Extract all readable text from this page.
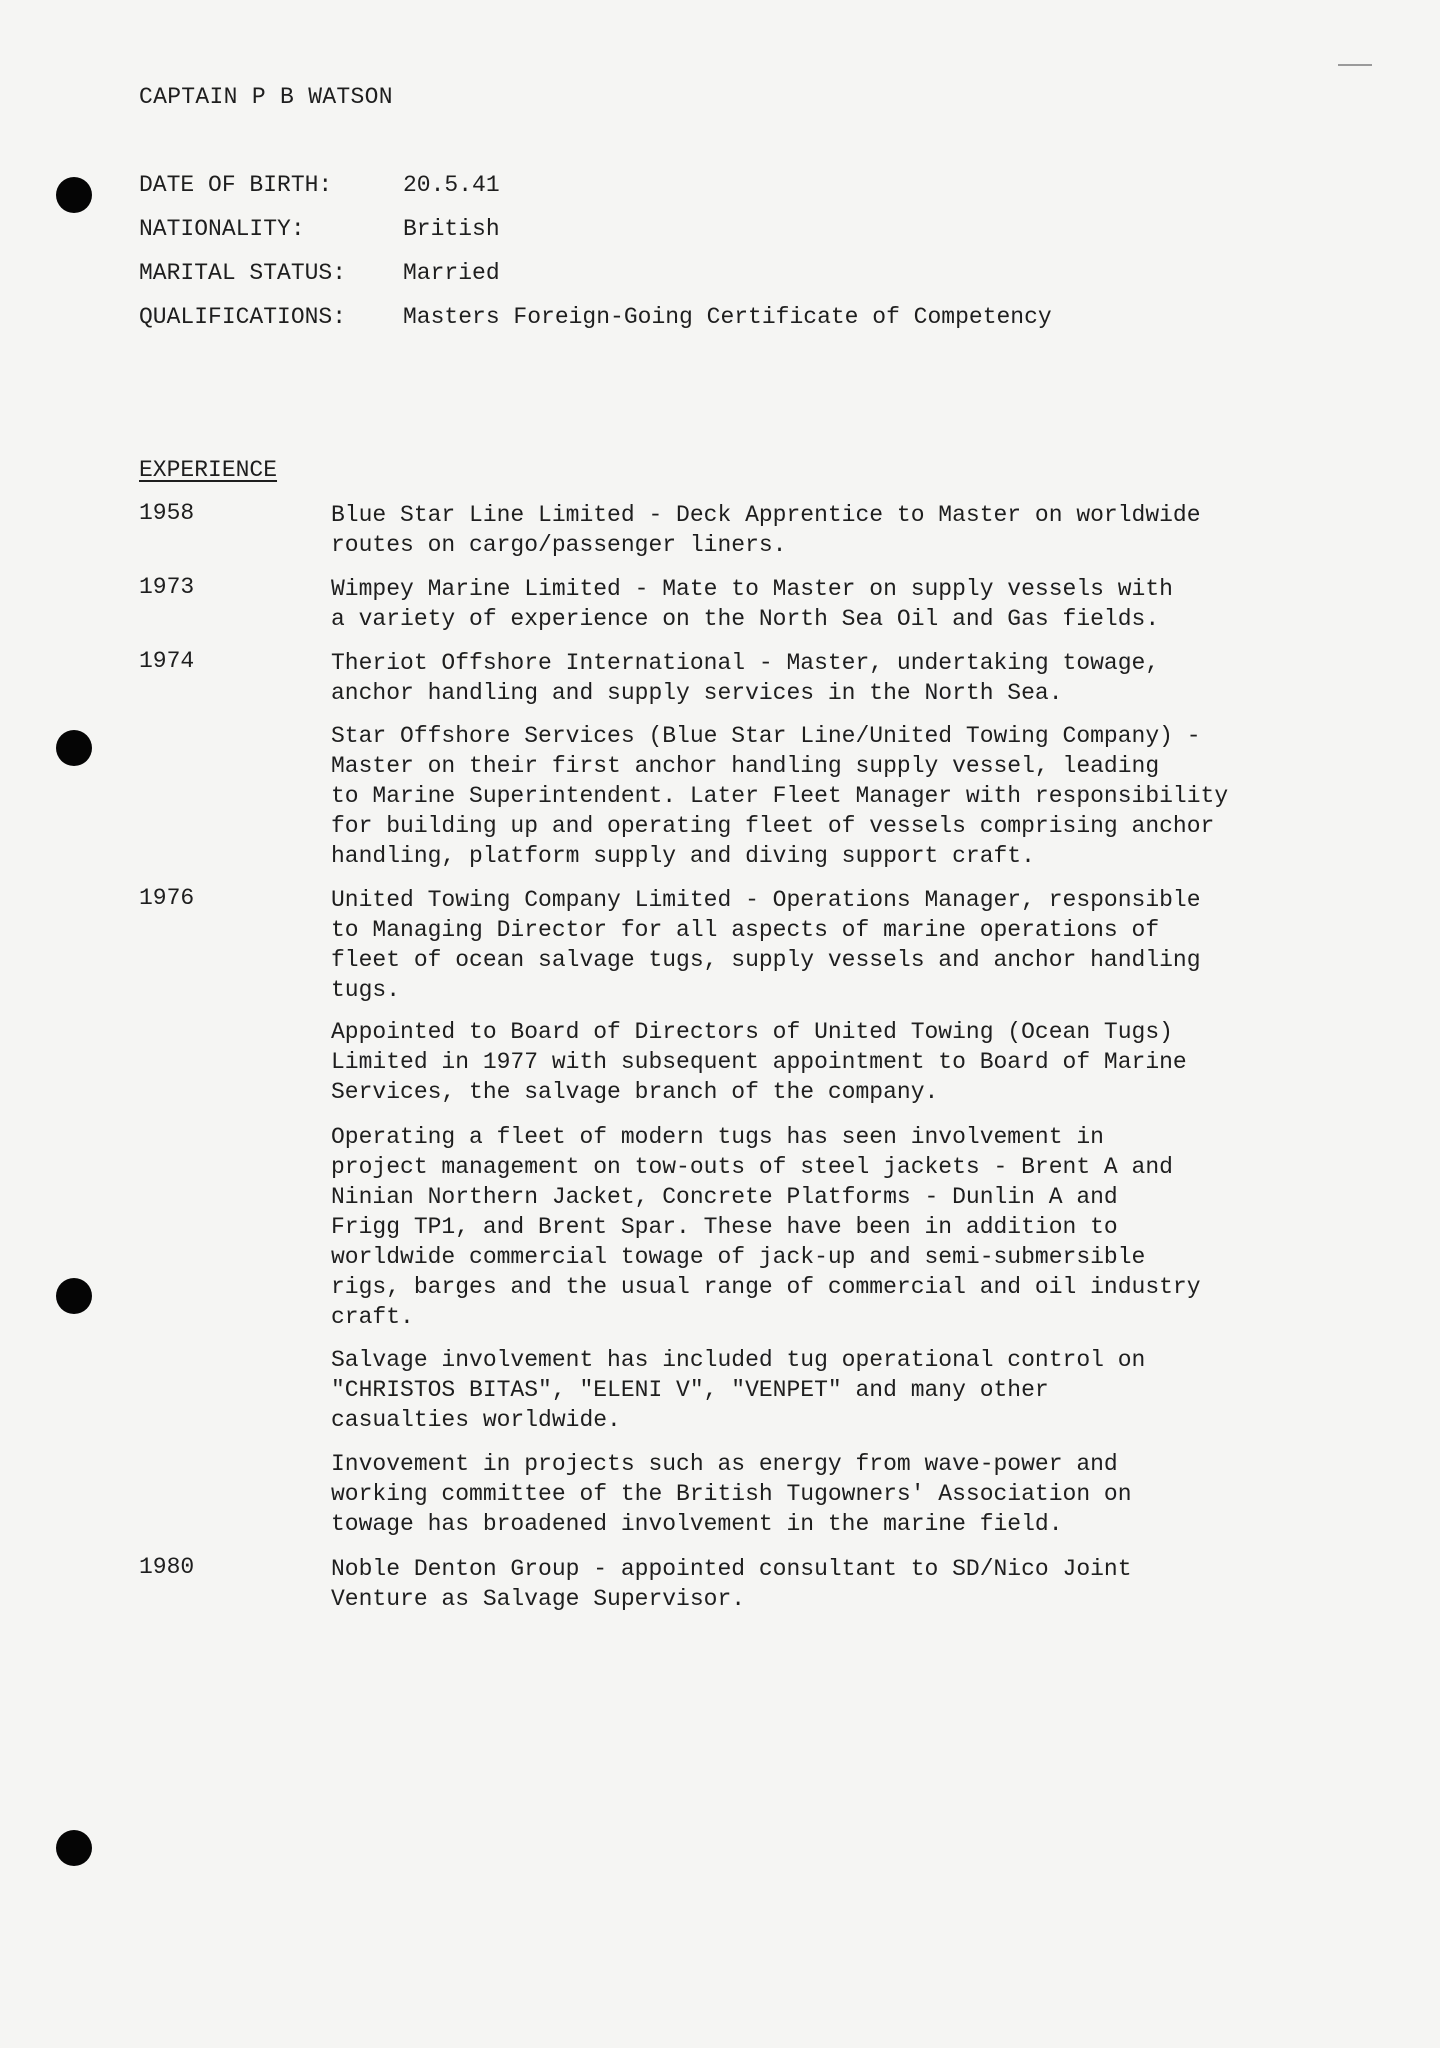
CAPTAIN P B WATSON
DATE OF BIRTH:	20.5.41
NATIONALITY:	British
MARITAL STATUS: Married
QUALIFICATIONS: Masters Foreign-Going Certificate of Competency
EXPERIENCE
1958	Blue Star Line Limited - Deck Apprentice to Master on worldwide
routes on cargo/passenger liners.
1973	Wimpey Marine Limited - Mate to Master on supply vessels with
a variety of experience on the North Sea Oil and Gas fields.
1974	Theriot Offshore International - Master, undertaking towage,
anchor handling and supply services in the North Sea.
Star Offshore Services (Blue Star Line/United Towing Company) -
Master on their first anchor handling supply vessel, leading
to Marine Superintendent. Later Fleet Manager with responsibility
for building up and operating fleet of vessels comprising anchor
handling, platform supply and diving support craft.
1976	United Towing Company Limited - Operations Manager, responsible
to Managing Director for all aspects of marine operations of
fleet of ocean salvage tugs, supply vessels and anchor handling
tugs.
Appointed to Board of Directors of United Towing (Ocean Tugs)
Limited in 1977 with subsequent appointment to Board of Marine
Services, the salvage branch of the company.
Operating a fleet of modern tugs has seen involvement in
project management on tow-outs of steel jackets - Brent A and
Ninian Northern Jacket, Concrete Platforms - Dunlin A and
Frigg TP1, and Brent Spar. These have been in addition to
worldwide commercial towage of jack-up and semi-submersible
rigs, barges and the usual range of commercial and oil industry
craft.
Salvage involvement has included tug operational control on
"CHRISTOS BITAS", "ELENI V", "VENPET" and many other
casualties worldwide.
Invovement in projects such as energy from wave-power and
working committee of the British Tugowners' Association on
towage has broadened involvement in the marine field.
1980	Noble Denton Group - appointed consultant to SD/Nico Joint
Venture as Salvage Supervisor.
